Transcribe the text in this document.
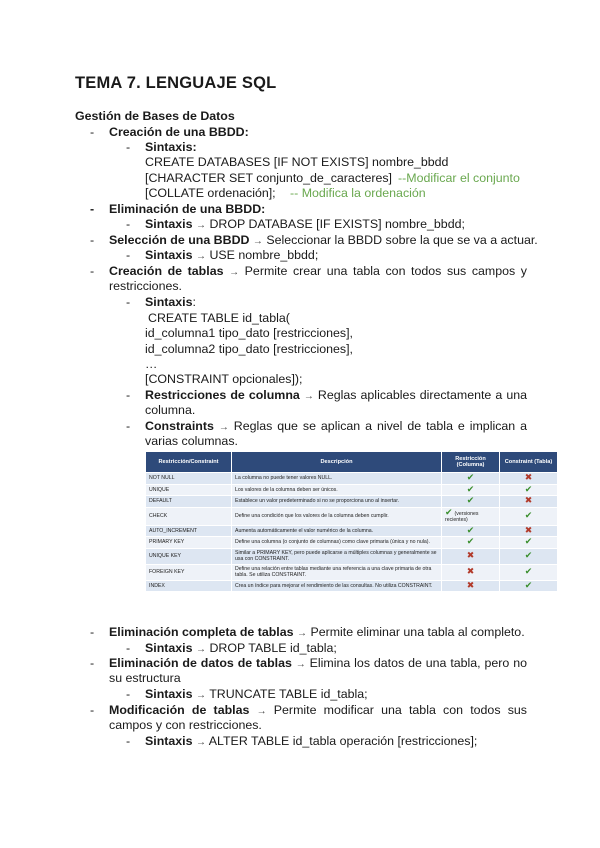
TEMA 7. LENGUAJE SQL
Gestión de Bases de Datos
- Creación de una BBDD:
- Sintaxis:
CREATE DATABASES [IF NOT EXISTS] nombre_bbdd
[CHARACTER SET conjunto_de_caracteres] --Modificar el conjunto
[COLLATE ordenación]; -- Modifica la ordenación
- Eliminación de una BBDD:
- Sintaxis → DROP DATABASE [IF EXISTS] nombre_bbdd;
- Selección de una BBDD → Seleccionar la BBDD sobre la que se va a actuar.
- Sintaxis → USE nombre_bbdd;
- Creación de tablas → Permite crear una tabla con todos sus campos y
restricciones.
- Sintaxis:
CREATE TABLE id_tabla(
id_columna1 tipo_dato [restricciones],
id_columna2 tipo_dato [restricciones],
…
[CONSTRAINT opcionales]);
- Restricciones de columna → Reglas aplicables directamente a una
columna.
- Constraints → Reglas que se aplican a nivel de tabla e implican a
varias columnas.
Restricción/Constraint	Descripción	Restricción (Columna)	Constraint (Tabla)
NOT NULL	La columna no puede tener valores NULL.	✔	✖
UNIQUE	Los valores de la columna deben ser únicos.	✔	✔
DEFAULT	Establece un valor predeterminado si no se proporciona uno al insertar.	✔	✖
CHECK	Define una condición que los valores de la columna deben cumplir.	✔ (versiones recientes)	✔
AUTO_INCREMENT	Aumenta automáticamente el valor numérico de la columna.	✔	✖
PRIMARY KEY	Define una columna (o conjunto de columnas) como clave primaria (única y no nula).	✔	✔
UNIQUE KEY	Similar a PRIMARY KEY, pero puede aplicarse a múltiples columnas y generalmente se usa con CONSTRAINT.	✖	✔
FOREIGN KEY	Define una relación entre tablas mediante una referencia a una clave primaria de otra tabla. Se utiliza CONSTRAINT.	✖	✔
INDEX	Crea un índice para mejorar el rendimiento de las consultas. No utiliza CONSTRAINT.	✖	✔
- Eliminación completa de tablas → Permite eliminar una tabla al completo.
- Sintaxis → DROP TABLE id_tabla;
- Eliminación de datos de tablas → Elimina los datos de una tabla, pero no
su estructura
- Sintaxis → TRUNCATE TABLE id_tabla;
- Modificación de tablas → Permite modificar una tabla con todos sus
campos y con restricciones.
- Sintaxis → ALTER TABLE id_tabla operación [restricciones];
